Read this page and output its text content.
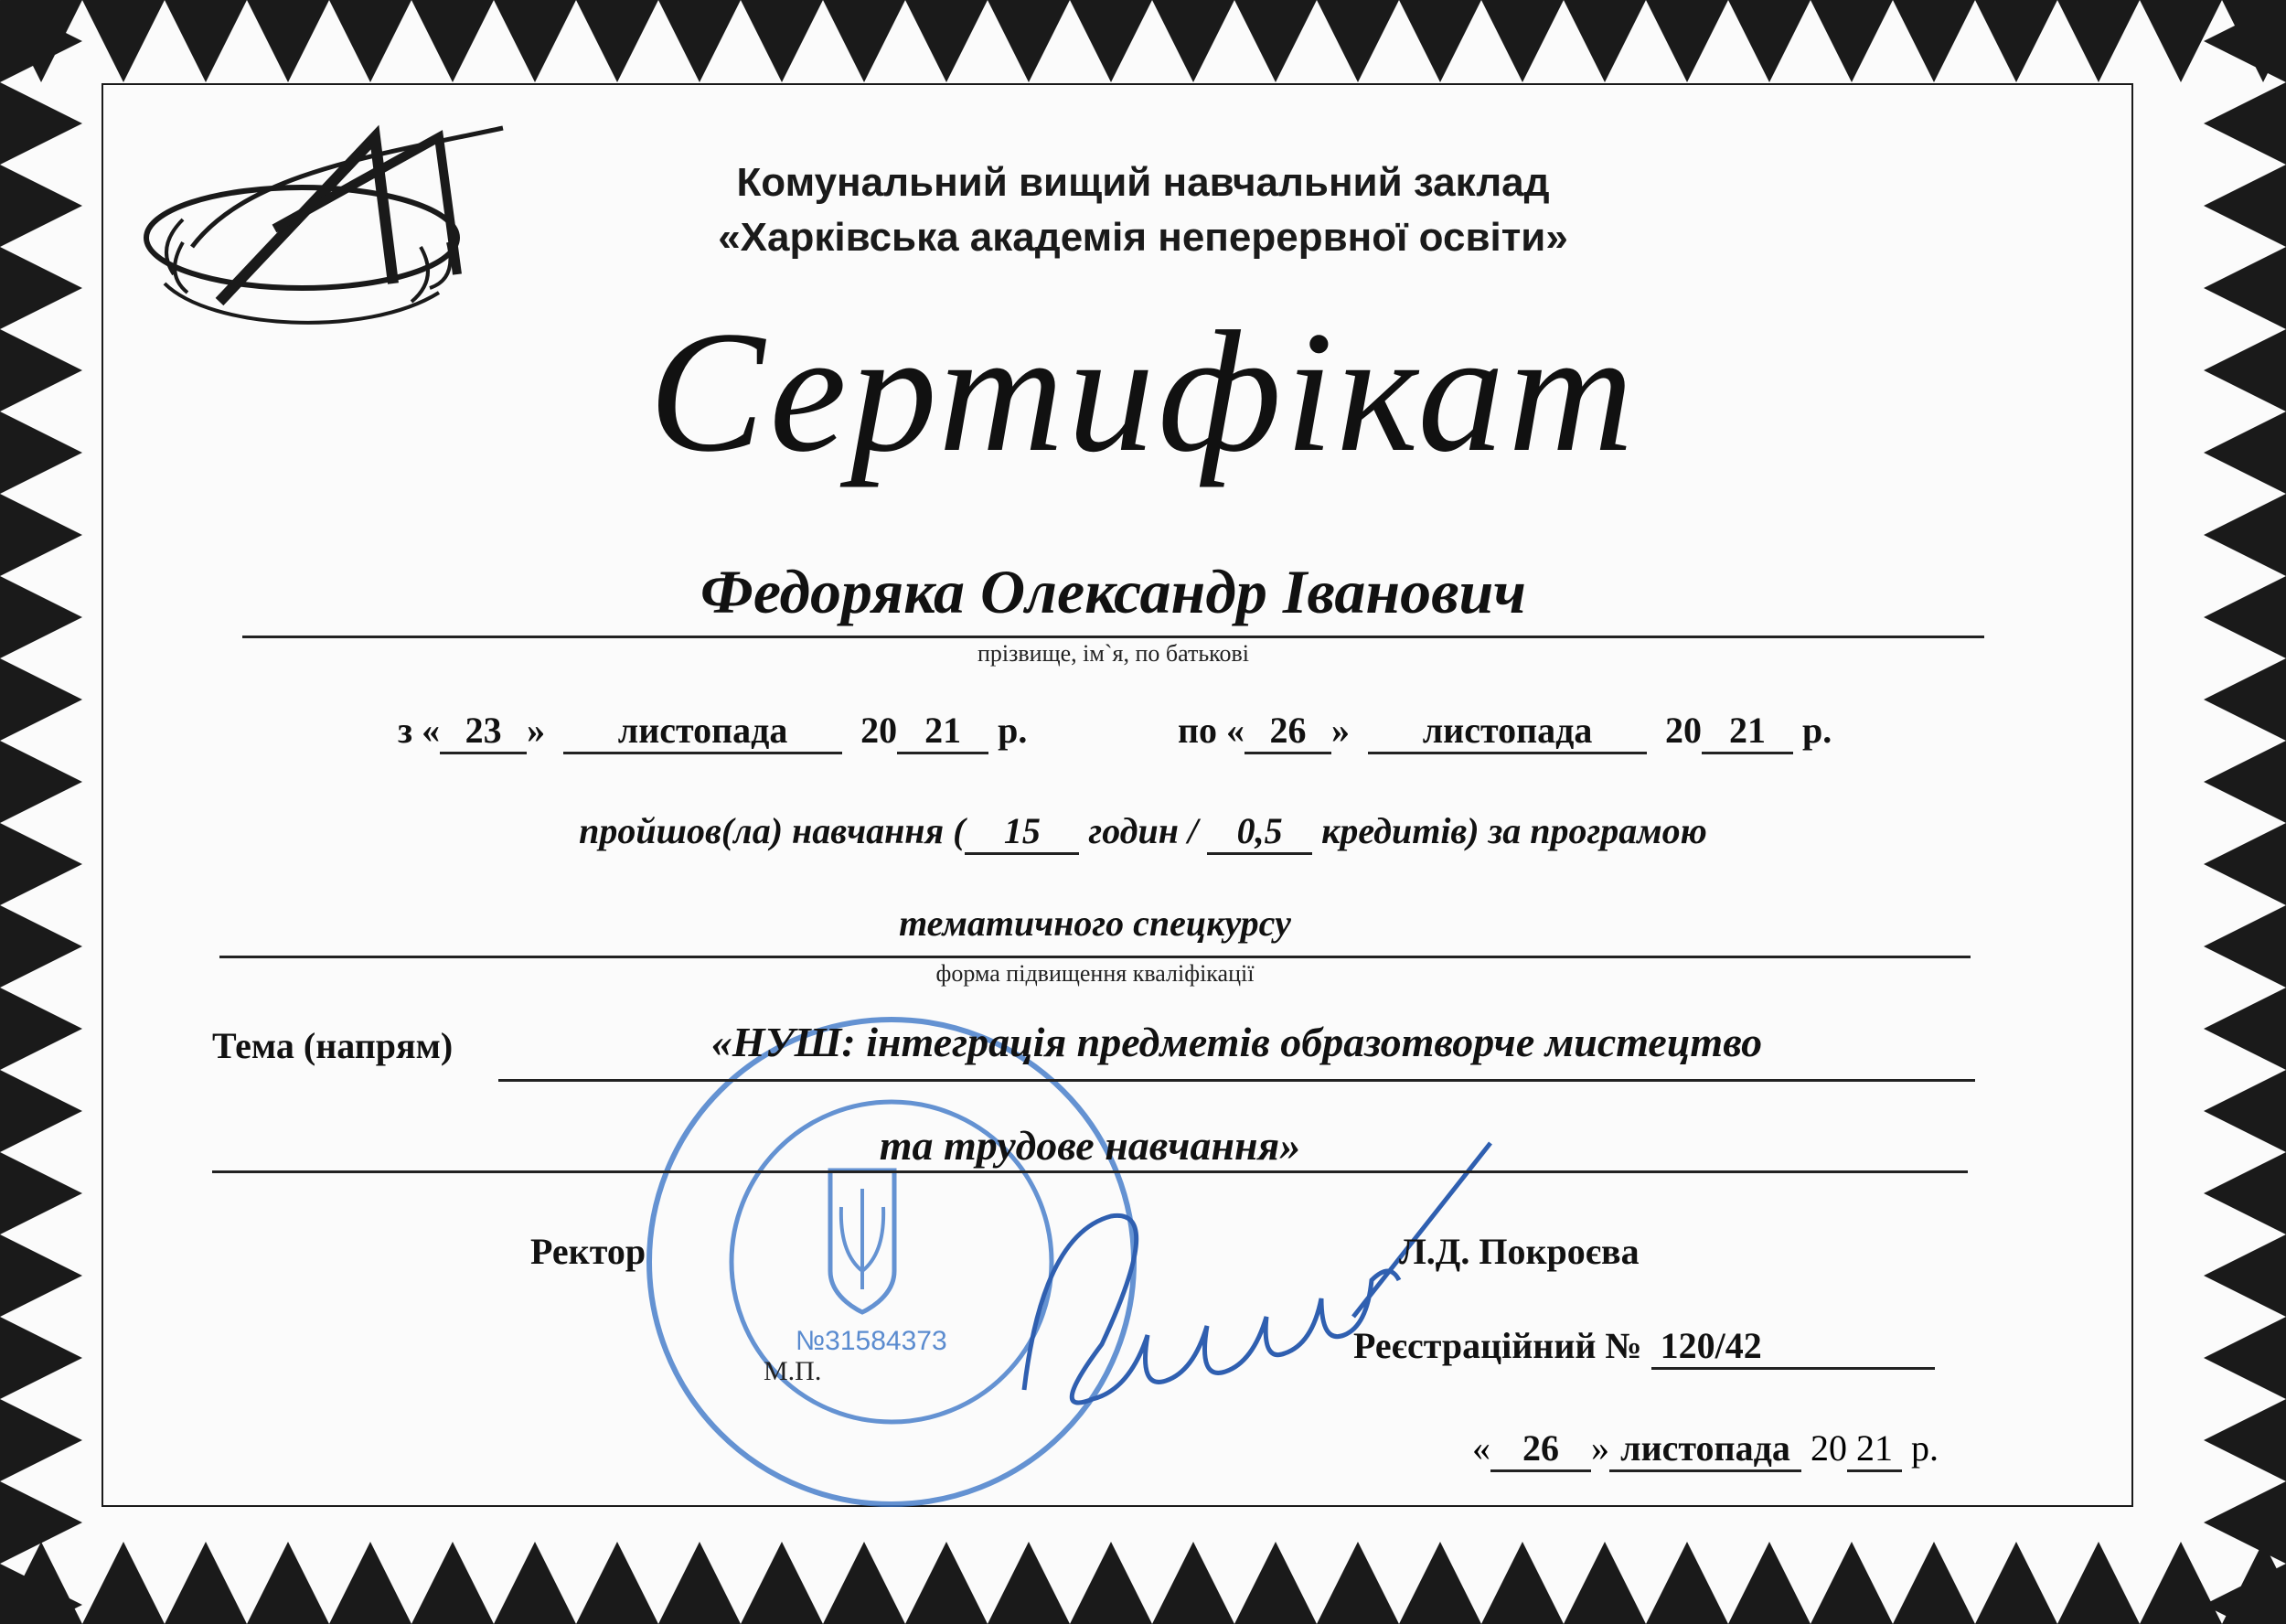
Комунальний вищий навчальний заклад
«Харківська академія неперервної освіти»
Сертифікат
Федоряка Олександр Іванович
прізвище, ім`я, по батькові
з « 23 » листопада 20 21 р.	по « 26 » листопада 20 21 р.
пройшов(ла) навчання ( 15 годин / 0,5 кредитів) за програмою
тематичного спецкурсу
форма підвищення кваліфікації
Тема (напрям)	«НУШ: інтеграція предметів образотворче мистецтво
та трудове навчання»
Ректор	Л.Д. Покроєва
М.П.
№31584373	Реєстраційний № 120/42
« 26 » листопада 20 21 р.
